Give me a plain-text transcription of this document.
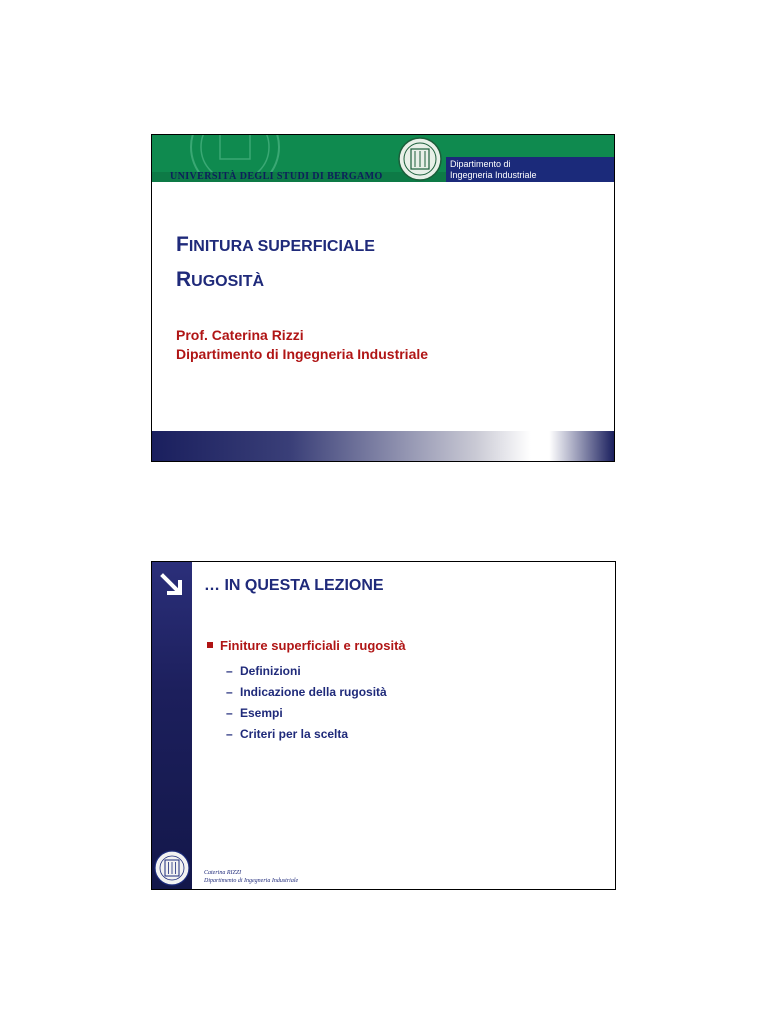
UNIVERSITÀ DEGLI STUDI DI BERGAMO
Dipartimento di
Ingegneria Industriale
FINITURA SUPERFICIALE
RUGOSITÀ
Prof. Caterina Rizzi
Dipartimento di Ingegneria Industriale
… IN QUESTA LEZIONE
Finiture superficiali e rugosità
– Definizioni
– Indicazione della rugosità
– Esempi
– Criteri per la scelta
Caterina RIZZI
Dipartimento di Ingegneria Industriale
